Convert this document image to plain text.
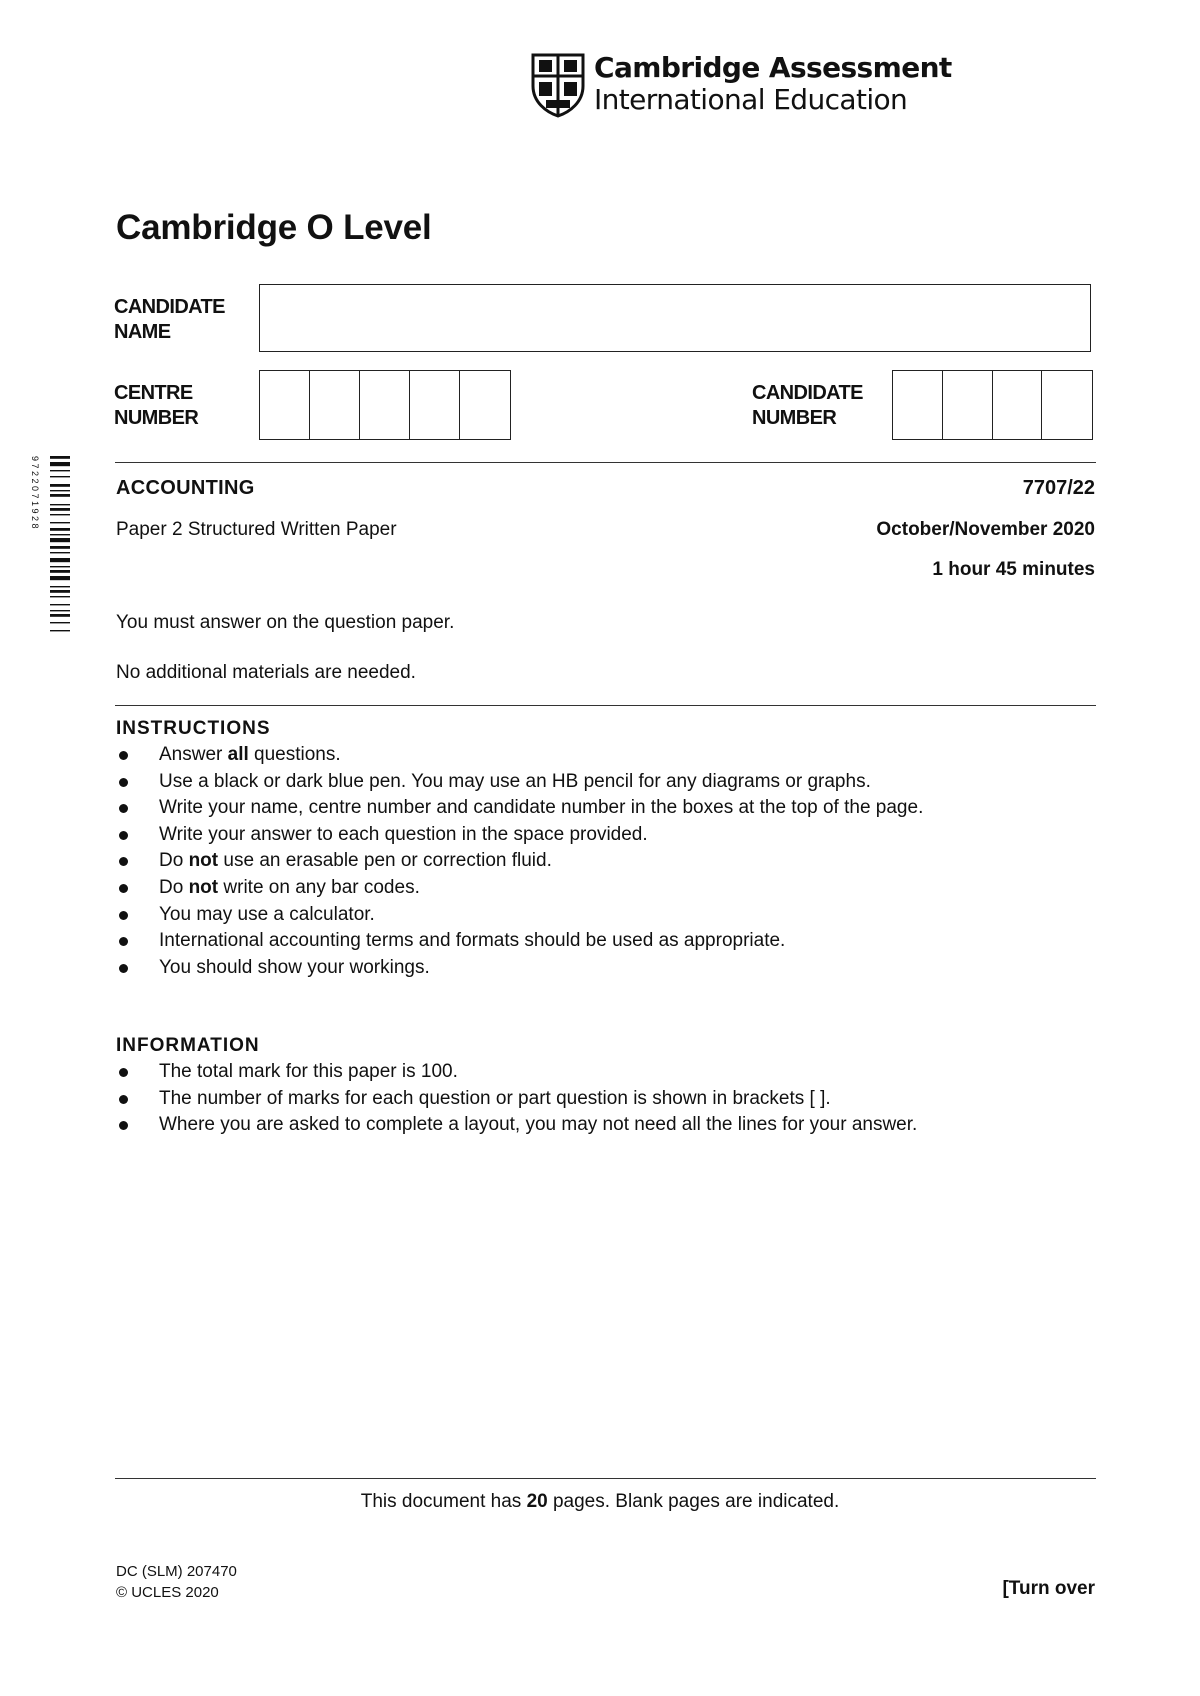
Cambridge Assessment
International Education
Cambridge O Level
CANDIDATE
NAME
CENTRE
NUMBER
CANDIDATE
NUMBER
9 7 2 2 0 7 1 9 2 8	ACCOUNTING	7707/22
Paper 2 Structured Written Paper	October/November 2020
1 hour 45 minutes
You must answer on the question paper.
No additional materials are needed.
INSTRUCTIONS
Answer all questions.
Use a black or dark blue pen. You may use an HB pencil for any diagrams or graphs.
Write your name, centre number and candidate number in the boxes at the top of the page.
Write your answer to each question in the space provided.
Do not use an erasable pen or correction fluid.
Do not write on any bar codes.
You may use a calculator.
International accounting terms and formats should be used as appropriate.
You should show your workings.
INFORMATION
The total mark for this paper is 100.
The number of marks for each question or part question is shown in brackets [ ].
Where you are asked to complete a layout, you may not need all the lines for your answer.
This document has 20 pages. Blank pages are indicated.
DC (SLM) 207470
© UCLES 2020	[Turn over
